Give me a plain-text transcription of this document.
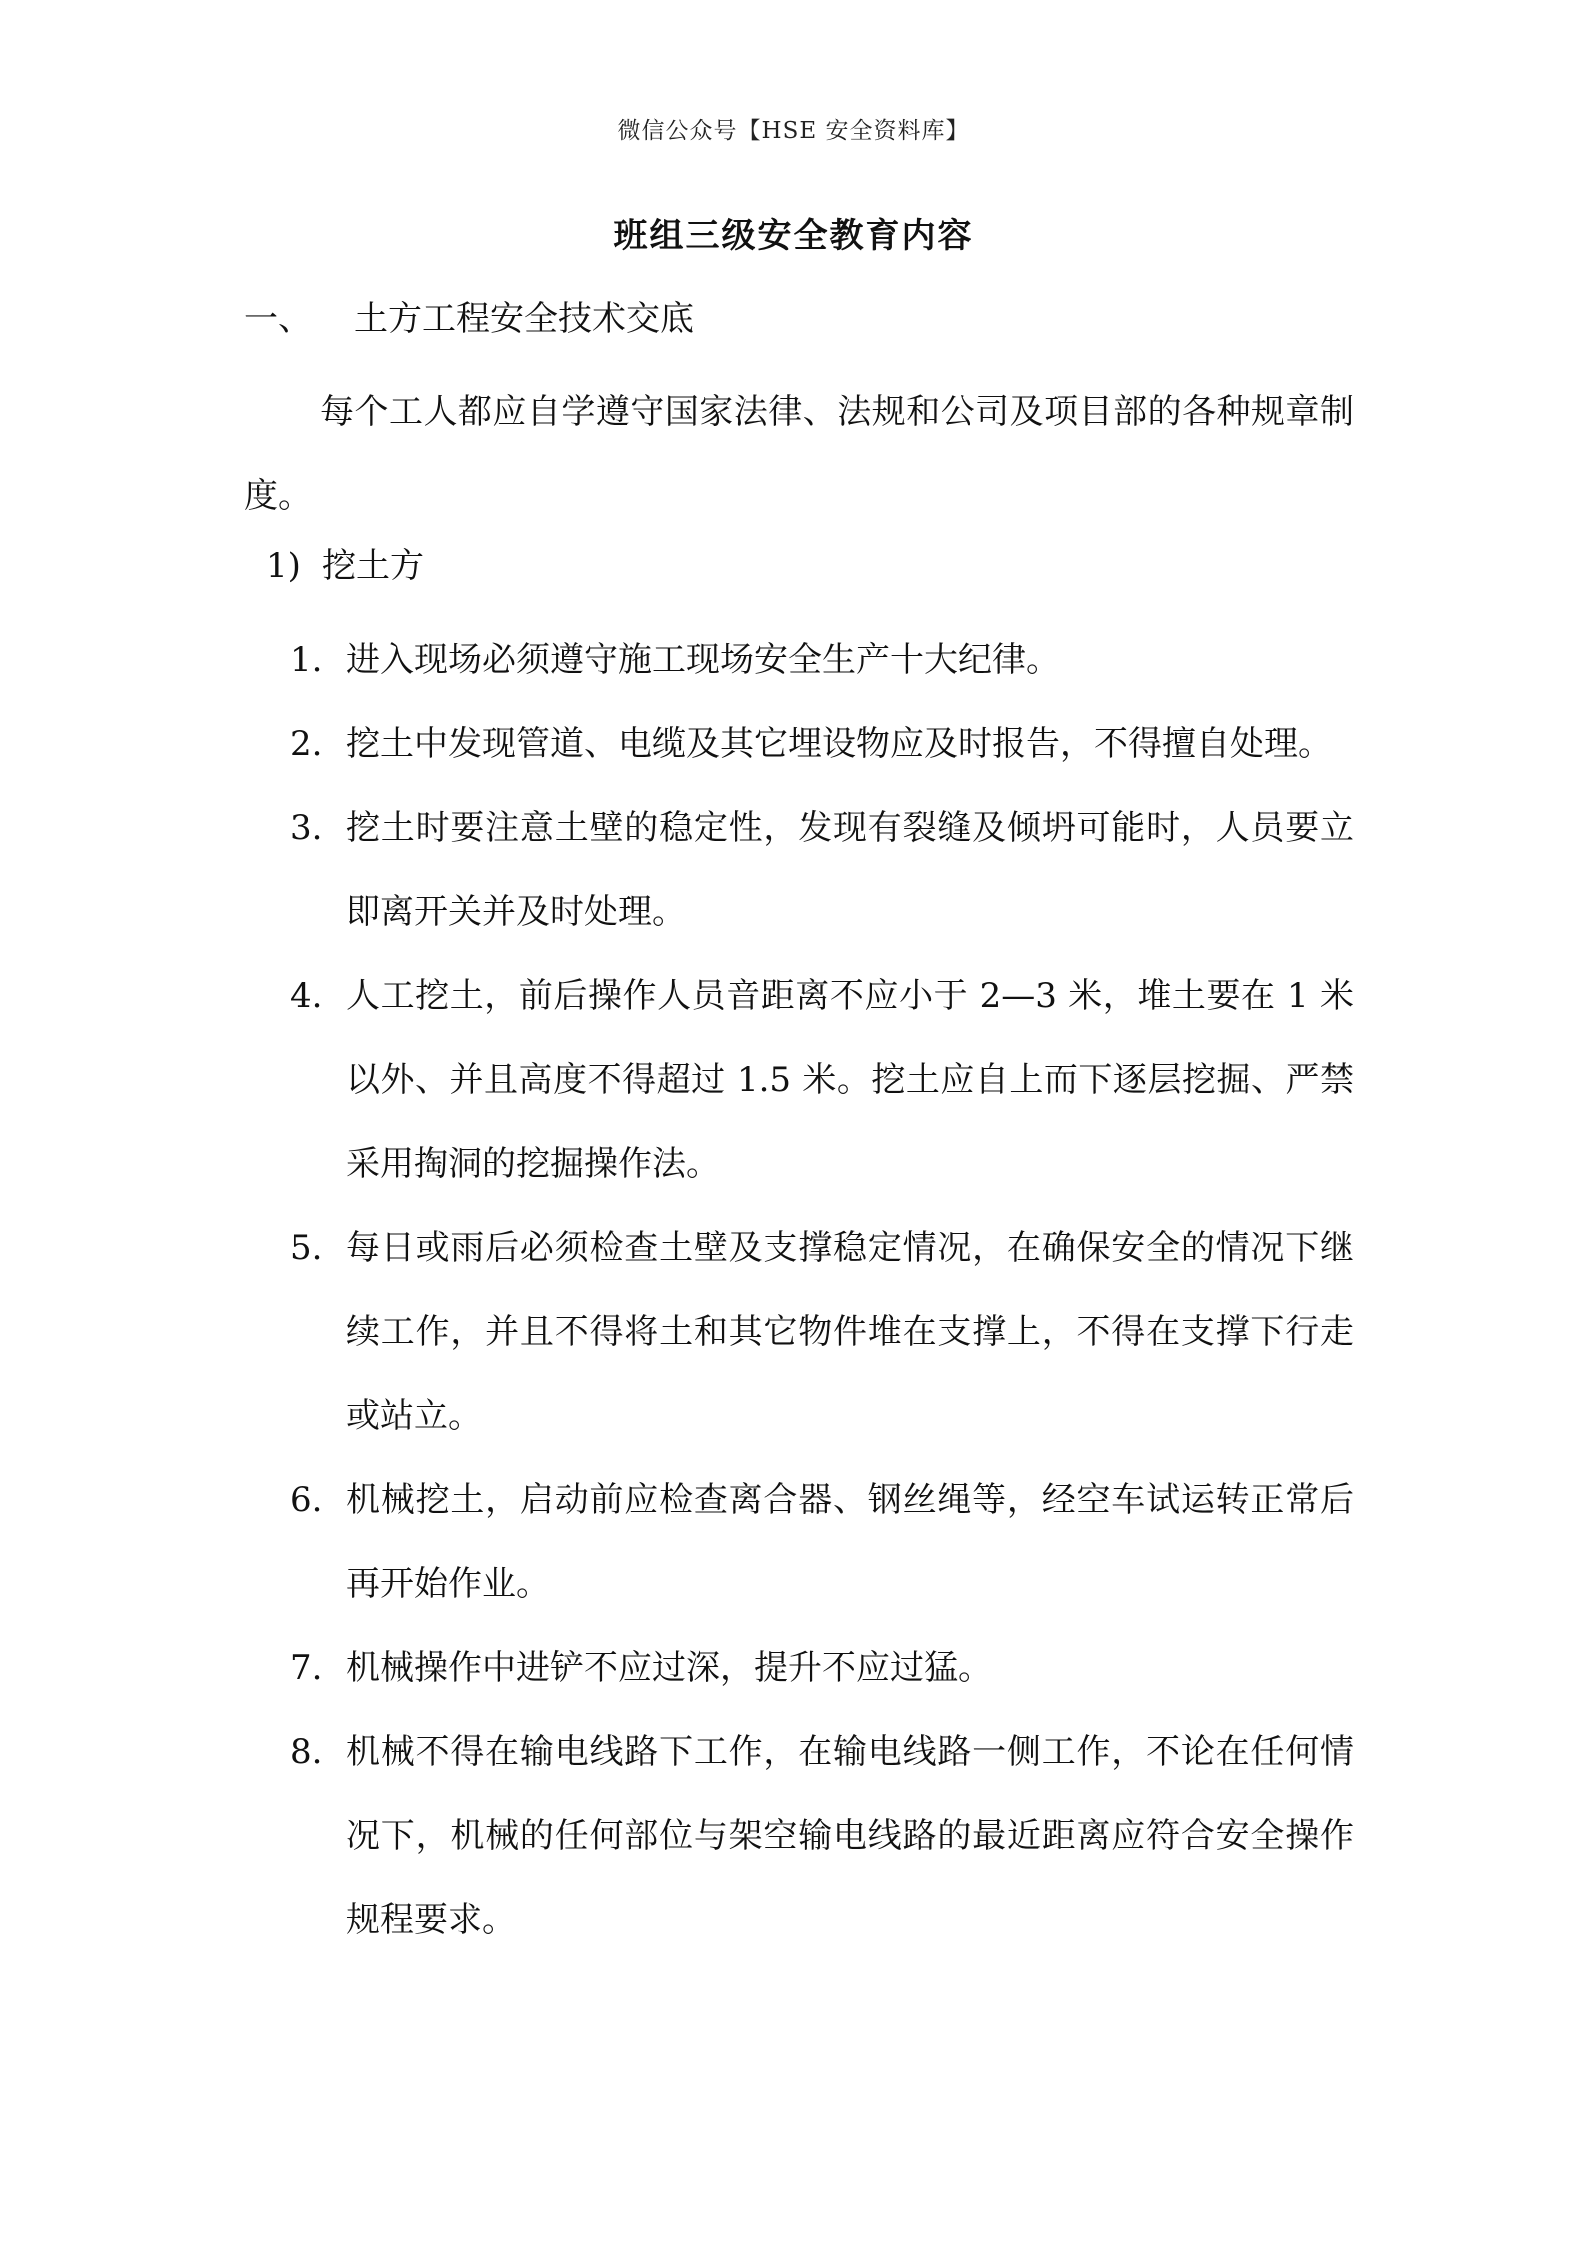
微信公众号【HSE 安全资料库】
班组三级安全教育内容
一、 土方工程安全技术交底

每个工人都应自学遵守国家法律、法规和公司及项目部的各种规章制度。

1) 挖土方
1. 进入现场必须遵守施工现场安全生产十大纪律。
2. 挖土中发现管道、电缆及其它埋设物应及时报告，不得擅自处理。
3. 挖土时要注意土壁的稳定性，发现有裂缝及倾坍可能时，人员要立即离开关并及时处理。
4. 人工挖土，前后操作人员音距离不应小于 2—3 米，堆土要在 1 米以外、并且高度不得超过 1.5 米。挖土应自上而下逐层挖掘、严禁采用掏洞的挖掘操作法。
5. 每日或雨后必须检查土壁及支撑稳定情况，在确保安全的情况下继续工作，并且不得将土和其它物件堆在支撑上，不得在支撑下行走或站立。
6. 机械挖土，启动前应检查离合器、钢丝绳等，经空车试运转正常后再开始作业。
7. 机械操作中进铲不应过深，提升不应过猛。
8. 机械不得在输电线路下工作，在输电线路一侧工作，不论在任何情况下，机械的任何部位与架空输电线路的最近距离应符合安全操作规程要求。
